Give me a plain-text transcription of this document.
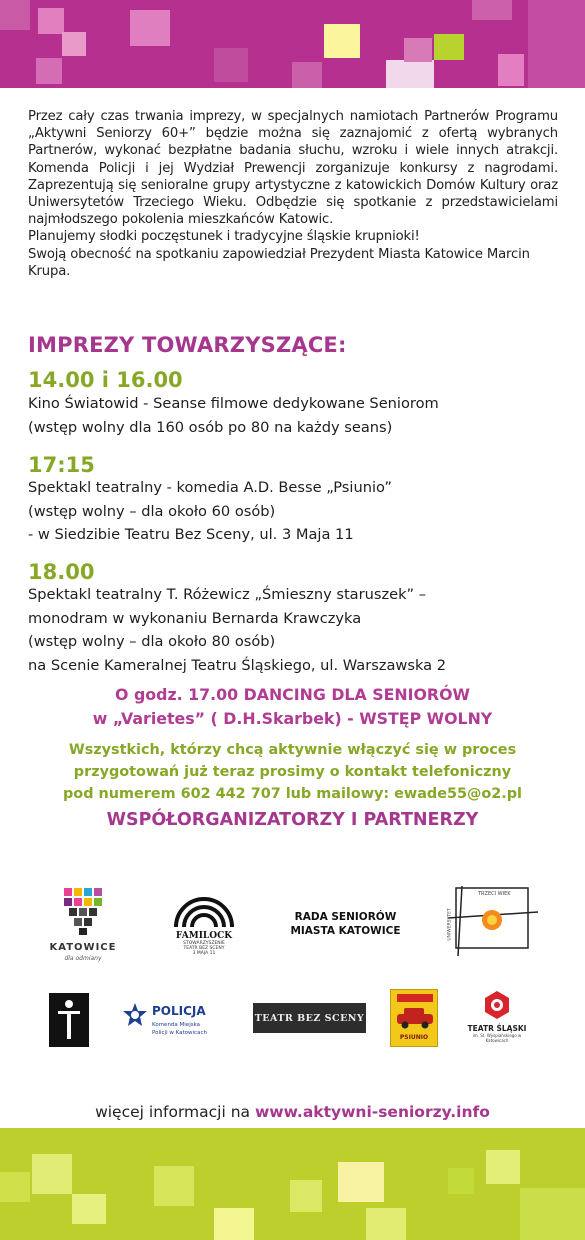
Przez cały czas trwania imprezy, w specjalnych namiotach Partnerów Programu „Aktywni Seniorzy 60+” będzie można się zaznajomić z ofertą wybranych Partnerów, wykonać bezpłatne badania słuchu, wzroku i wiele innych atrakcji. Komenda Policji i jej Wydział Prewencji zorganizuje konkursy z nagrodami. Zaprezentują się senioralne grupy artystyczne z katowickich Domów Kultury oraz Uniwersytetów Trzeciego Wieku. Odbędzie się spotkanie z przedstawicielami najmłodszego pokolenia mieszkańców Katowic.

Planujemy słodki poczęstunek i tradycyjne śląskie krupnioki!

Swoją obecność na spotkaniu zapowiedział Prezydent Miasta Katowice Marcin Krupa.

IMPREZY TOWARZYSZĄCE:
14.00 i 16.00
Kino Światowid - Seanse filmowe dedykowane Seniorom
(wstęp wolny dla 160 osób po 80 na każdy seans)
17:15
Spektakl teatralny - komedia A.D. Besse „Psiunio”
(wstęp wolny – dla około 60 osób)
- w Siedzibie Teatru Bez Sceny, ul. 3 Maja 11
18.00
Spektakl teatralny T. Różewicz „Śmieszny staruszek” –
monodram w wykonaniu Bernarda Krawczyka
(wstęp wolny – dla około 80 osób)
na Scenie Kameralnej Teatru Śląskiego, ul. Warszawska 2
O godz. 17.00 DANCING DLA SENIORÓW
w „Varietes” ( D.H.Skarbek) - WSTĘP WOLNY
Wszystkich, którzy chcą aktywnie włączyć się w proces
przygotowań już teraz prosimy o kontakt telefoniczny
pod numerem 602 442 707 lub mailowy: ewade55@o2.pl
WSPÓŁORGANIZATORZY I PARTNERZY
KATOWICE
dla odmiany
FAMILOCK
STOWARZYSZENIE
TEATR BEZ SCENY
3 MAJA 11
RADA SENIORÓW
MIASTA KATOWICE
TRZECI WIEK
UNIWERSYTET
POLICJA
Komenda Miejska
Policji w Katowicach
TEATR BEZ SCENY
PSIUNIO
TEATR ŚLĄSKI
im. St. Wyspiańskiego w Katowicach
więcej informacji na www.aktywni-seniorzy.info
